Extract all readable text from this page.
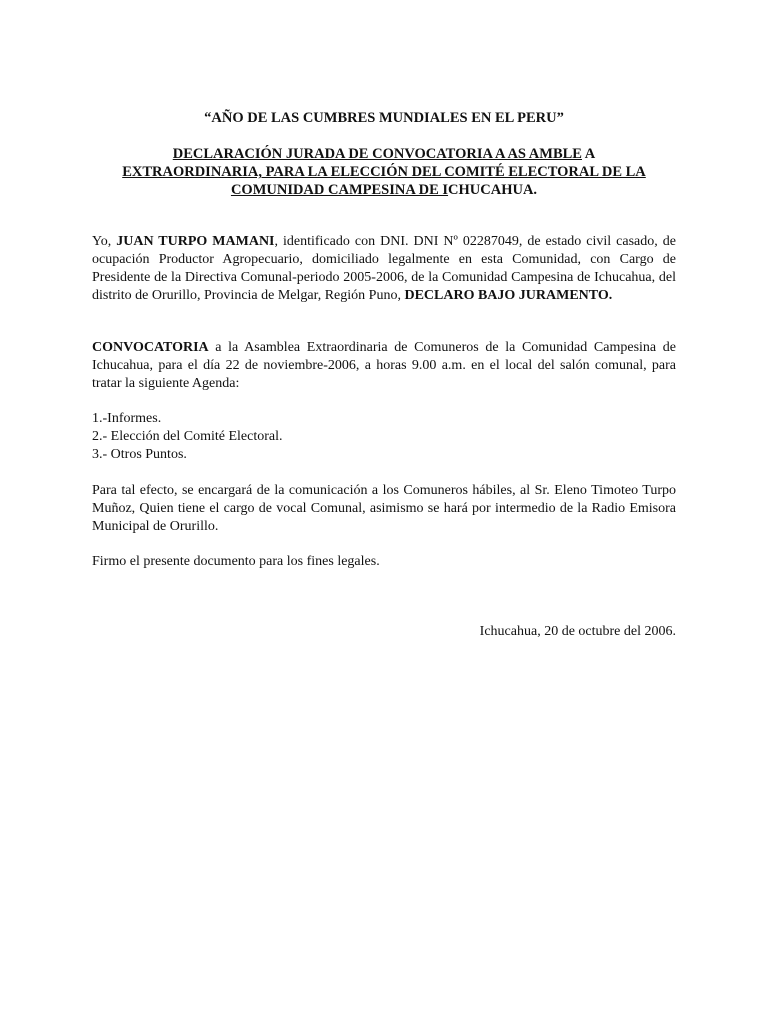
“AÑO DE LAS CUMBRES MUNDIALES EN EL PERU”
DECLARACIÓN JURADA DE CONVOCATORIA A AS AMBLE A
EXTRAORDINARIA, PARA LA ELECCIÓN DEL COMITÉ ELECTORAL DE LA
COMUNIDAD CAMPESINA DE ICHUCAHUA.

Yo, JUAN TURPO MAMANI, identificado con DNI. DNI Nº 02287049, de estado civil casado, de ocupación Productor Agropecuario, domiciliado legalmente en esta Comunidad, con Cargo de Presidente de la Directiva Comunal-periodo 2005-2006, de la Comunidad Campesina de Ichucahua, del distrito de Orurillo, Provincia de Melgar, Región Puno, DECLARO BAJO JURAMENTO.

CONVOCATORIA a la Asamblea Extraordinaria de Comuneros de la Comunidad Campesina de Ichucahua, para el día 22 de noviembre-2006, a horas 9.00 a.m. en el local del salón comunal, para tratar la siguiente Agenda:

1.-Informes.
2.- Elección del Comité Electoral.
3.- Otros Puntos.

Para tal efecto, se encargará de la comunicación a los Comuneros hábiles, al Sr. Eleno Timoteo Turpo Muñoz, Quien tiene el cargo de vocal Comunal, asimismo se hará por intermedio de la Radio Emisora Municipal de Orurillo.

Firmo el presente documento para los fines legales.

Ichucahua, 20 de octubre del 2006.
